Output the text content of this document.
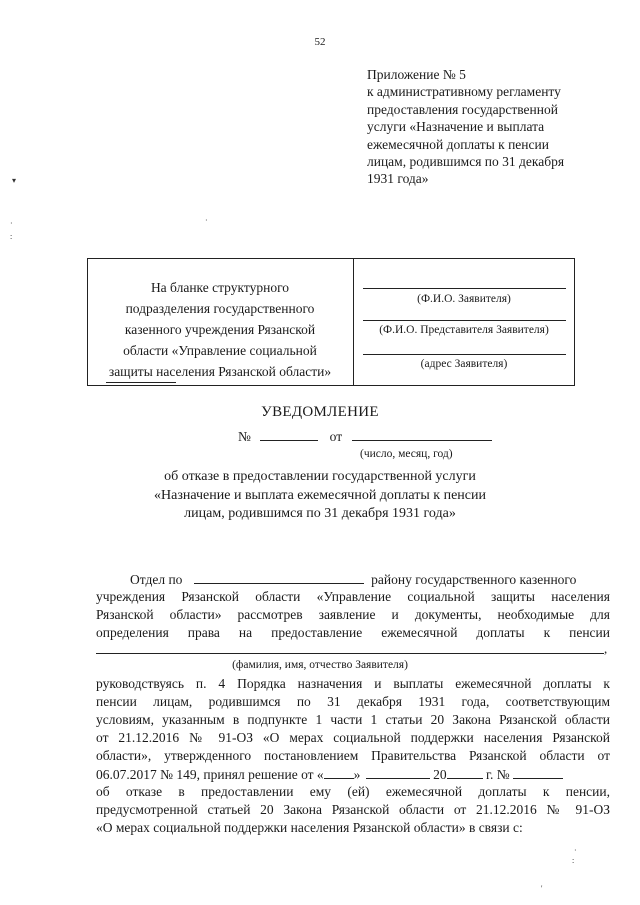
52
Приложение № 5
к административному регламенту
предоставления государственной
услуги «Назначение и выплата
ежемесячной доплаты к пенсии
лицам, родившимся по 31 декабря
1931 года»
▾
·
:
·
На бланке структурного
подразделения государственного
казенного учреждения Рязанской
области «Управление социальной
защиты населения Рязанской области»
(Ф.И.О. Заявителя)
(Ф.И.О. Представителя Заявителя)
(адрес Заявителя)
УВЕДОМЛЕНИЕ
№	от
(число, месяц, год)
об отказе в предоставлении государственной услуги
«Назначение и выплата ежемесячной доплаты к пенсии
лицам, родившимся по 31 декабря 1931 года»
Отдел по	району государственного казенного
учреждения Рязанской области «Управление социальной защиты населения
Рязанской области» рассмотрев заявление и документы, необходимые для
определения права на предоставление ежемесячной доплаты к пенсии
,
(фамилия, имя, отчество Заявителя)
руководствуясь п. 4 Порядка назначения и выплаты ежемесячной доплаты к
пенсии лицам, родившимся по 31 декабря 1931 года, соответствующим
условиям, указанным в подпункте 1 части 1 статьи 20 Закона Рязанской области
от 21.12.2016 № 91-ОЗ «О мерах социальной поддержки населения Рязанской
области», утвержденного постановлением Правительства Рязанской области от
06.07.2017 № 149, принял решение от « »	20	г. №
об отказе в предоставлении ему (ей) ежемесячной доплаты к пенсии,
предусмотренной статьей 20 Закона Рязанской области от 21.12.2016 № 91-ОЗ
«О мерах социальной поддержки населения Рязанской области» в связи с:
·
:
'
